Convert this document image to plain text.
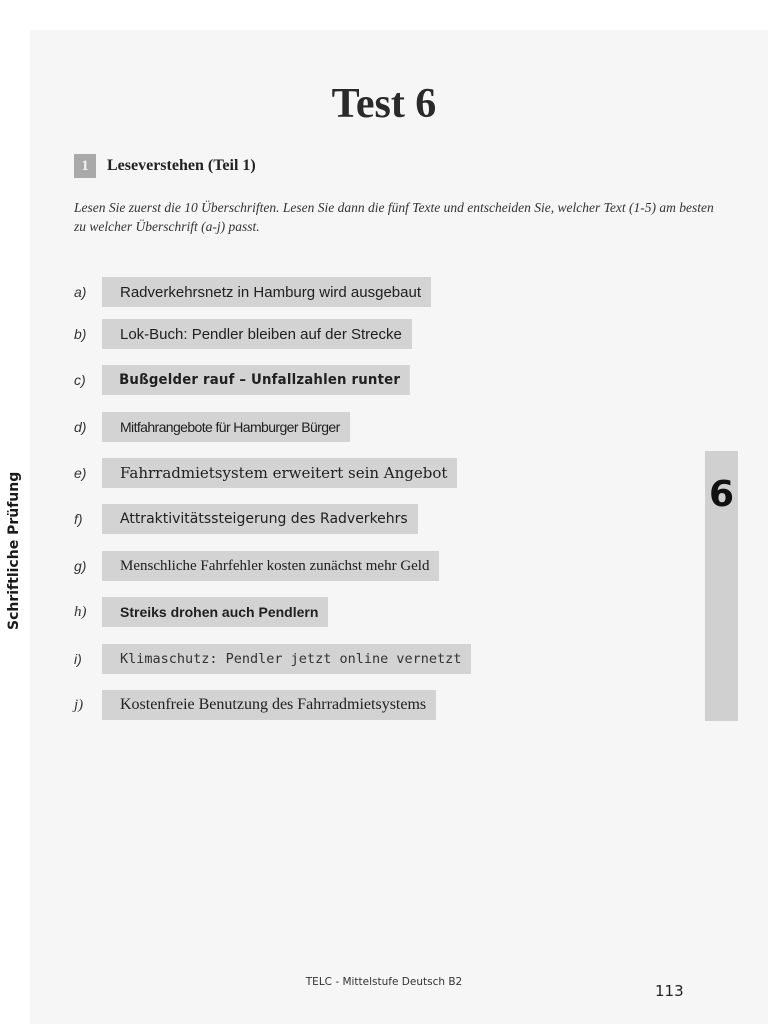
Test 6
1	Leseverstehen (Teil 1)
Lesen Sie zuerst die 10 Überschriften. Lesen Sie dann die fünf Texte und entscheiden Sie, welcher Text (1-5) am besten zu welcher Überschrift (a-j) passt.
a)	Radverkehrsnetz in Hamburg wird ausgebaut
b)	Lok-Buch: Pendler bleiben auf der Strecke
c)	Bußgelder rauf – Unfallzahlen runter
d)	Mitfahrangebote für Hamburger Bürger
e)	Fahrradmietsystem erweitert sein Angebot
f)	Attraktivitätssteigerung des Radverkehrs
g)	Menschliche Fahrfehler kosten zunächst mehr Geld
h)	Streiks drohen auch Pendlern
i)	Klimaschutz: Pendler jetzt online vernetzt
j)	Kostenfreie Benutzung des Fahrradmietsystems
6
Schriftliche Prüfung
TELC - Mittelstufe Deutsch B2	113
